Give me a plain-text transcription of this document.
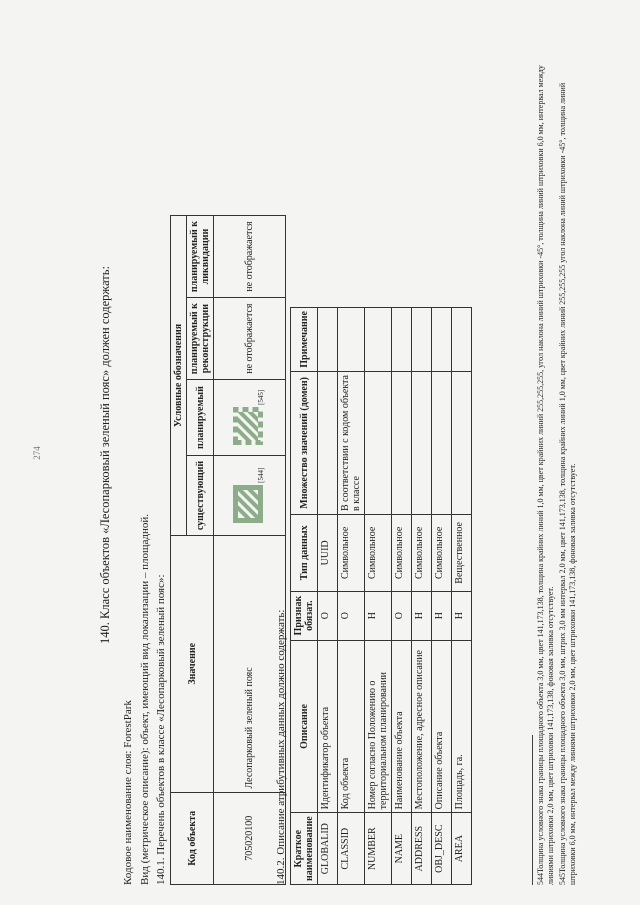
274	140. Класс объектов «Лесопарковый зеленый пояс» должен содержать:
Кодовое наименование слоя: ForestPark Вид (метрическое описание): объект, имеющий вид локализации – площадной. 140.1. Перечень объектов в классе «Лесопарковый зеленый пояс»: Код объекта	Значение	Условные обозначения			
		существующий	планируемый	планируемый к реконструкции	планируемый к ликвидации
705020100	Лесопарковый зеленый пояс	[544]	[545]	не отображается	не отображается
140.2. Описание атрибутивных данных должно содержать: Краткое наименование	Описание	Признак обязат.	Тип данных	Множество значений (домен)	Примечание
GLOBALID	Идентификатор объекта	О	UUID		
CLASSID	Код объекта	О	Символьное	В соответствии с кодом объекта в классе	
NUMBER	Номер согласно Положению о территориальном планировании	Н	Символьное		
NAME	Наименование объекта	О	Символьное		
ADDRESS	Местоположение, адресное описание	Н	Символьное		
OBJ_DESC	Описание объекта	Н	Символьное		
AREA	Площадь, га.	Н	Вещественное			544Толщина условного знака границы площадного объекта 3,0 мм, цвет 141,173,138, толщина крайних линий 1,0 мм, цвет крайних линий 255,255,255, угол наклона линий штриховки -45°, толщина линий штриховки 6,0 мм, интервал между линиями штриховки 2,0 мм, цвет штриховки 141,173,138, фоновая заливка отсутствует. 545Толщина условного знака границы площадного объекта 3,0 мм, штрих 3,0 мм интервал 2,0 мм, цвет 141,173,138, толщина крайних линий 1,0 мм, цвет крайних линий 255,255,255 угол наклона линий штриховки -45°, толщина линий штриховки 6,0 мм, интервал между линиями штриховки 2,0 мм, цвет штриховки 141,173,138, фоновая заливка отсутствует.
